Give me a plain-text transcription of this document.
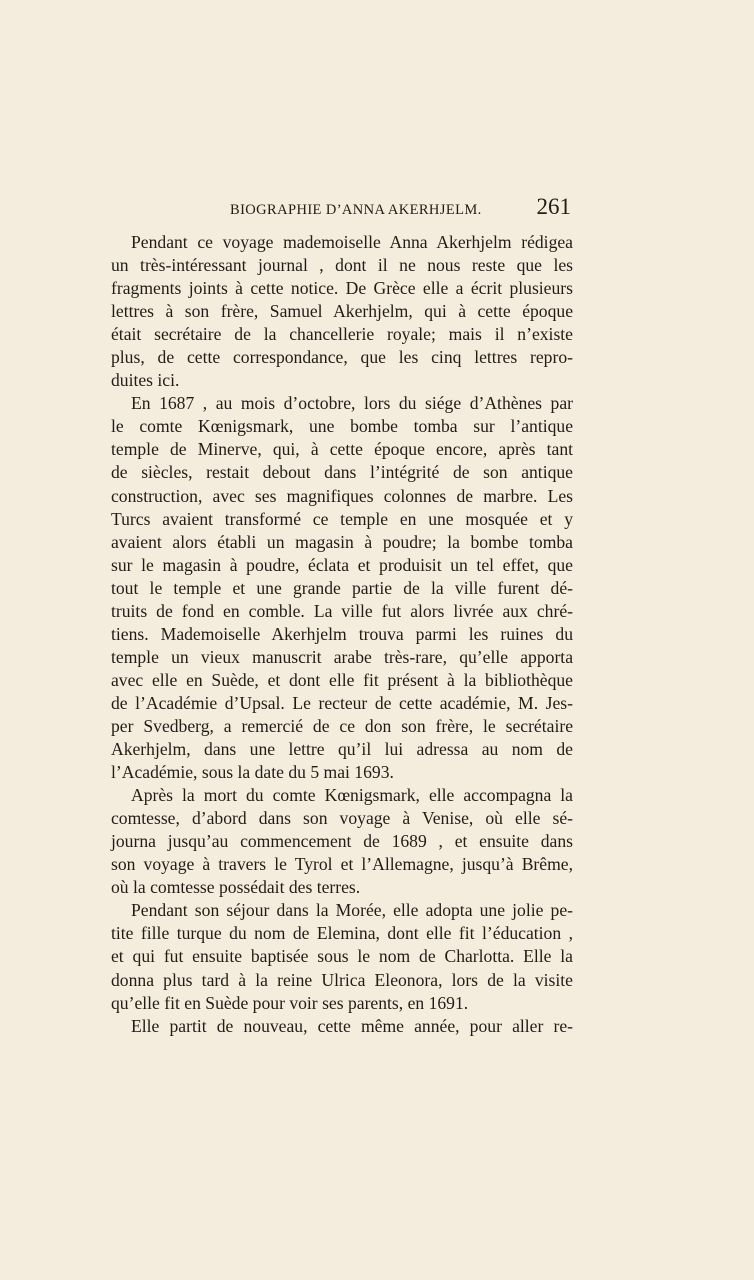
BIOGRAPHIE D’ANNA AKERHJELM. 261
Pendant ce voyage mademoiselle Anna Akerhjelm rédigea
un très-intéressant journal , dont il ne nous reste que les
fragments joints à cette notice. De Grèce elle a écrit plusieurs
lettres à son frère, Samuel Akerhjelm, qui à cette époque
était secrétaire de la chancellerie royale; mais il n’existe
plus, de cette correspondance, que les cinq lettres repro-
duites ici.
En 1687 , au mois d’octobre, lors du siége d’Athènes par
le comte Kœnigsmark, une bombe tomba sur l’antique
temple de Minerve, qui, à cette époque encore, après tant
de siècles, restait debout dans l’intégrité de son antique
construction, avec ses magnifiques colonnes de marbre. Les
Turcs avaient transformé ce temple en une mosquée et y
avaient alors établi un magasin à poudre; la bombe tomba
sur le magasin à poudre, éclata et produisit un tel effet, que
tout le temple et une grande partie de la ville furent dé-
truits de fond en comble. La ville fut alors livrée aux chré-
tiens. Mademoiselle Akerhjelm trouva parmi les ruines du
temple un vieux manuscrit arabe très-rare, qu’elle apporta
avec elle en Suède, et dont elle fit présent à la bibliothèque
de l’Académie d’Upsal. Le recteur de cette académie, M. Jes-
per Svedberg, a remercié de ce don son frère, le secrétaire
Akerhjelm, dans une lettre qu’il lui adressa au nom de
l’Académie, sous la date du 5 mai 1693.
Après la mort du comte Kœnigsmark, elle accompagna la
comtesse, d’abord dans son voyage à Venise, où elle sé-
journa jusqu’au commencement de 1689 , et ensuite dans
son voyage à travers le Tyrol et l’Allemagne, jusqu’à Brême,
où la comtesse possédait des terres.
Pendant son séjour dans la Morée, elle adopta une jolie pe-
tite fille turque du nom de Elemina, dont elle fit l’éducation ,
et qui fut ensuite baptisée sous le nom de Charlotta. Elle la
donna plus tard à la reine Ulrica Eleonora, lors de la visite
qu’elle fit en Suède pour voir ses parents, en 1691.
Elle partit de nouveau, cette même année, pour aller re-
